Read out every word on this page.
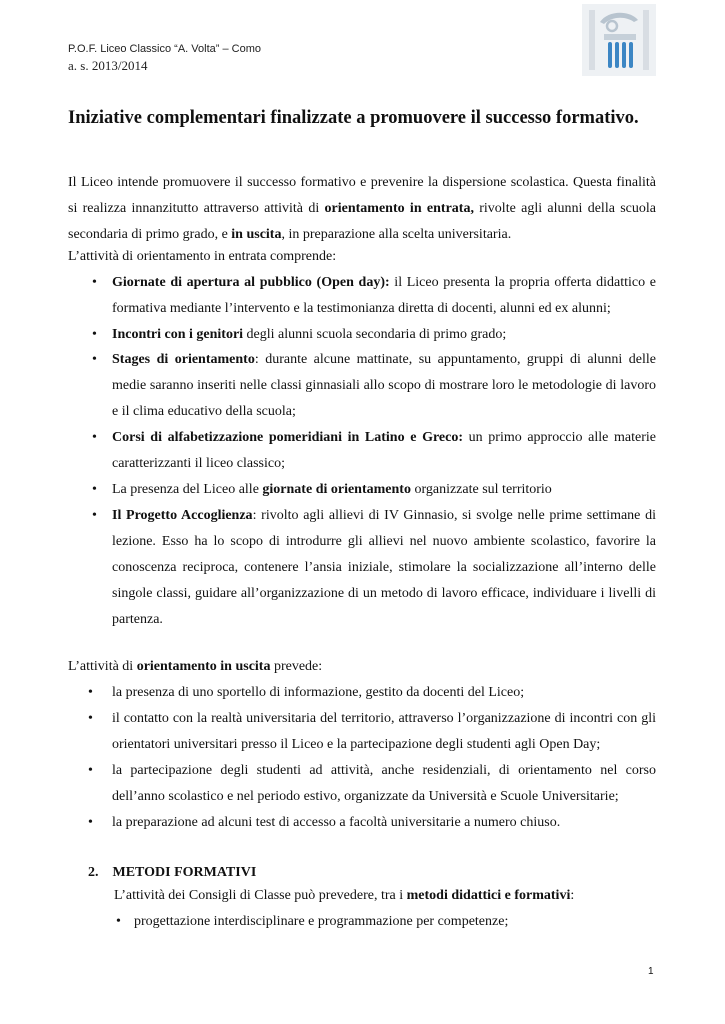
P.O.F. Liceo Classico “A. Volta” – Como
a. s. 2013/2014
Iniziative complementari finalizzate a promuovere il successo formativo.
Il Liceo intende promuovere il successo formativo e prevenire la dispersione scolastica. Questa finalità si realizza innanzitutto attraverso attività di orientamento in entrata, rivolte agli alunni della scuola secondaria di primo grado, e in uscita, in preparazione alla scelta universitaria.
L’attività di orientamento in entrata comprende:
• Giornate di apertura al pubblico (Open day): il Liceo presenta la propria offerta didattico e formativa mediante l’intervento e la testimonianza diretta di docenti, alunni ed ex alunni;
• Incontri con i genitori degli alunni scuola secondaria di primo grado;
• Stages di orientamento: durante alcune mattinate, su appuntamento, gruppi di alunni delle medie saranno inseriti nelle classi ginnasiali allo scopo di mostrare loro le metodologie di lavoro e il clima educativo della scuola;
• Corsi di alfabetizzazione pomeridiani in Latino e Greco: un primo approccio alle materie caratterizzanti il liceo classico;
• La presenza del Liceo alle giornate di orientamento organizzate sul territorio
• Il Progetto Accoglienza: rivolto agli allievi di IV Ginnasio, si svolge nelle prime settimane di lezione. Esso ha lo scopo di introdurre gli allievi nel nuovo ambiente scolastico, favorire la conoscenza reciproca, contenere l’ansia iniziale, stimolare la socializzazione all’interno delle singole classi, guidare all’organizzazione di un metodo di lavoro efficace, individuare i livelli di partenza.
L’attività di orientamento in uscita prevede:
• la presenza di uno sportello di informazione, gestito da docenti del Liceo;
• il contatto con la realtà universitaria del territorio, attraverso l’organizzazione di incontri con gli orientatori universitari presso il Liceo e la partecipazione degli studenti agli Open Day;
• la partecipazione degli studenti ad attività, anche residenziali, di orientamento nel corso dell’anno scolastico e nel periodo estivo, organizzate da Università e Scuole Universitarie;
• la preparazione ad alcuni test di accesso a facoltà universitarie a numero chiuso.
2. METODI FORMATIVI
L’attività dei Consigli di Classe può prevedere, tra i metodi didattici e formativi:
• progettazione interdisciplinare e programmazione per competenze;
1
